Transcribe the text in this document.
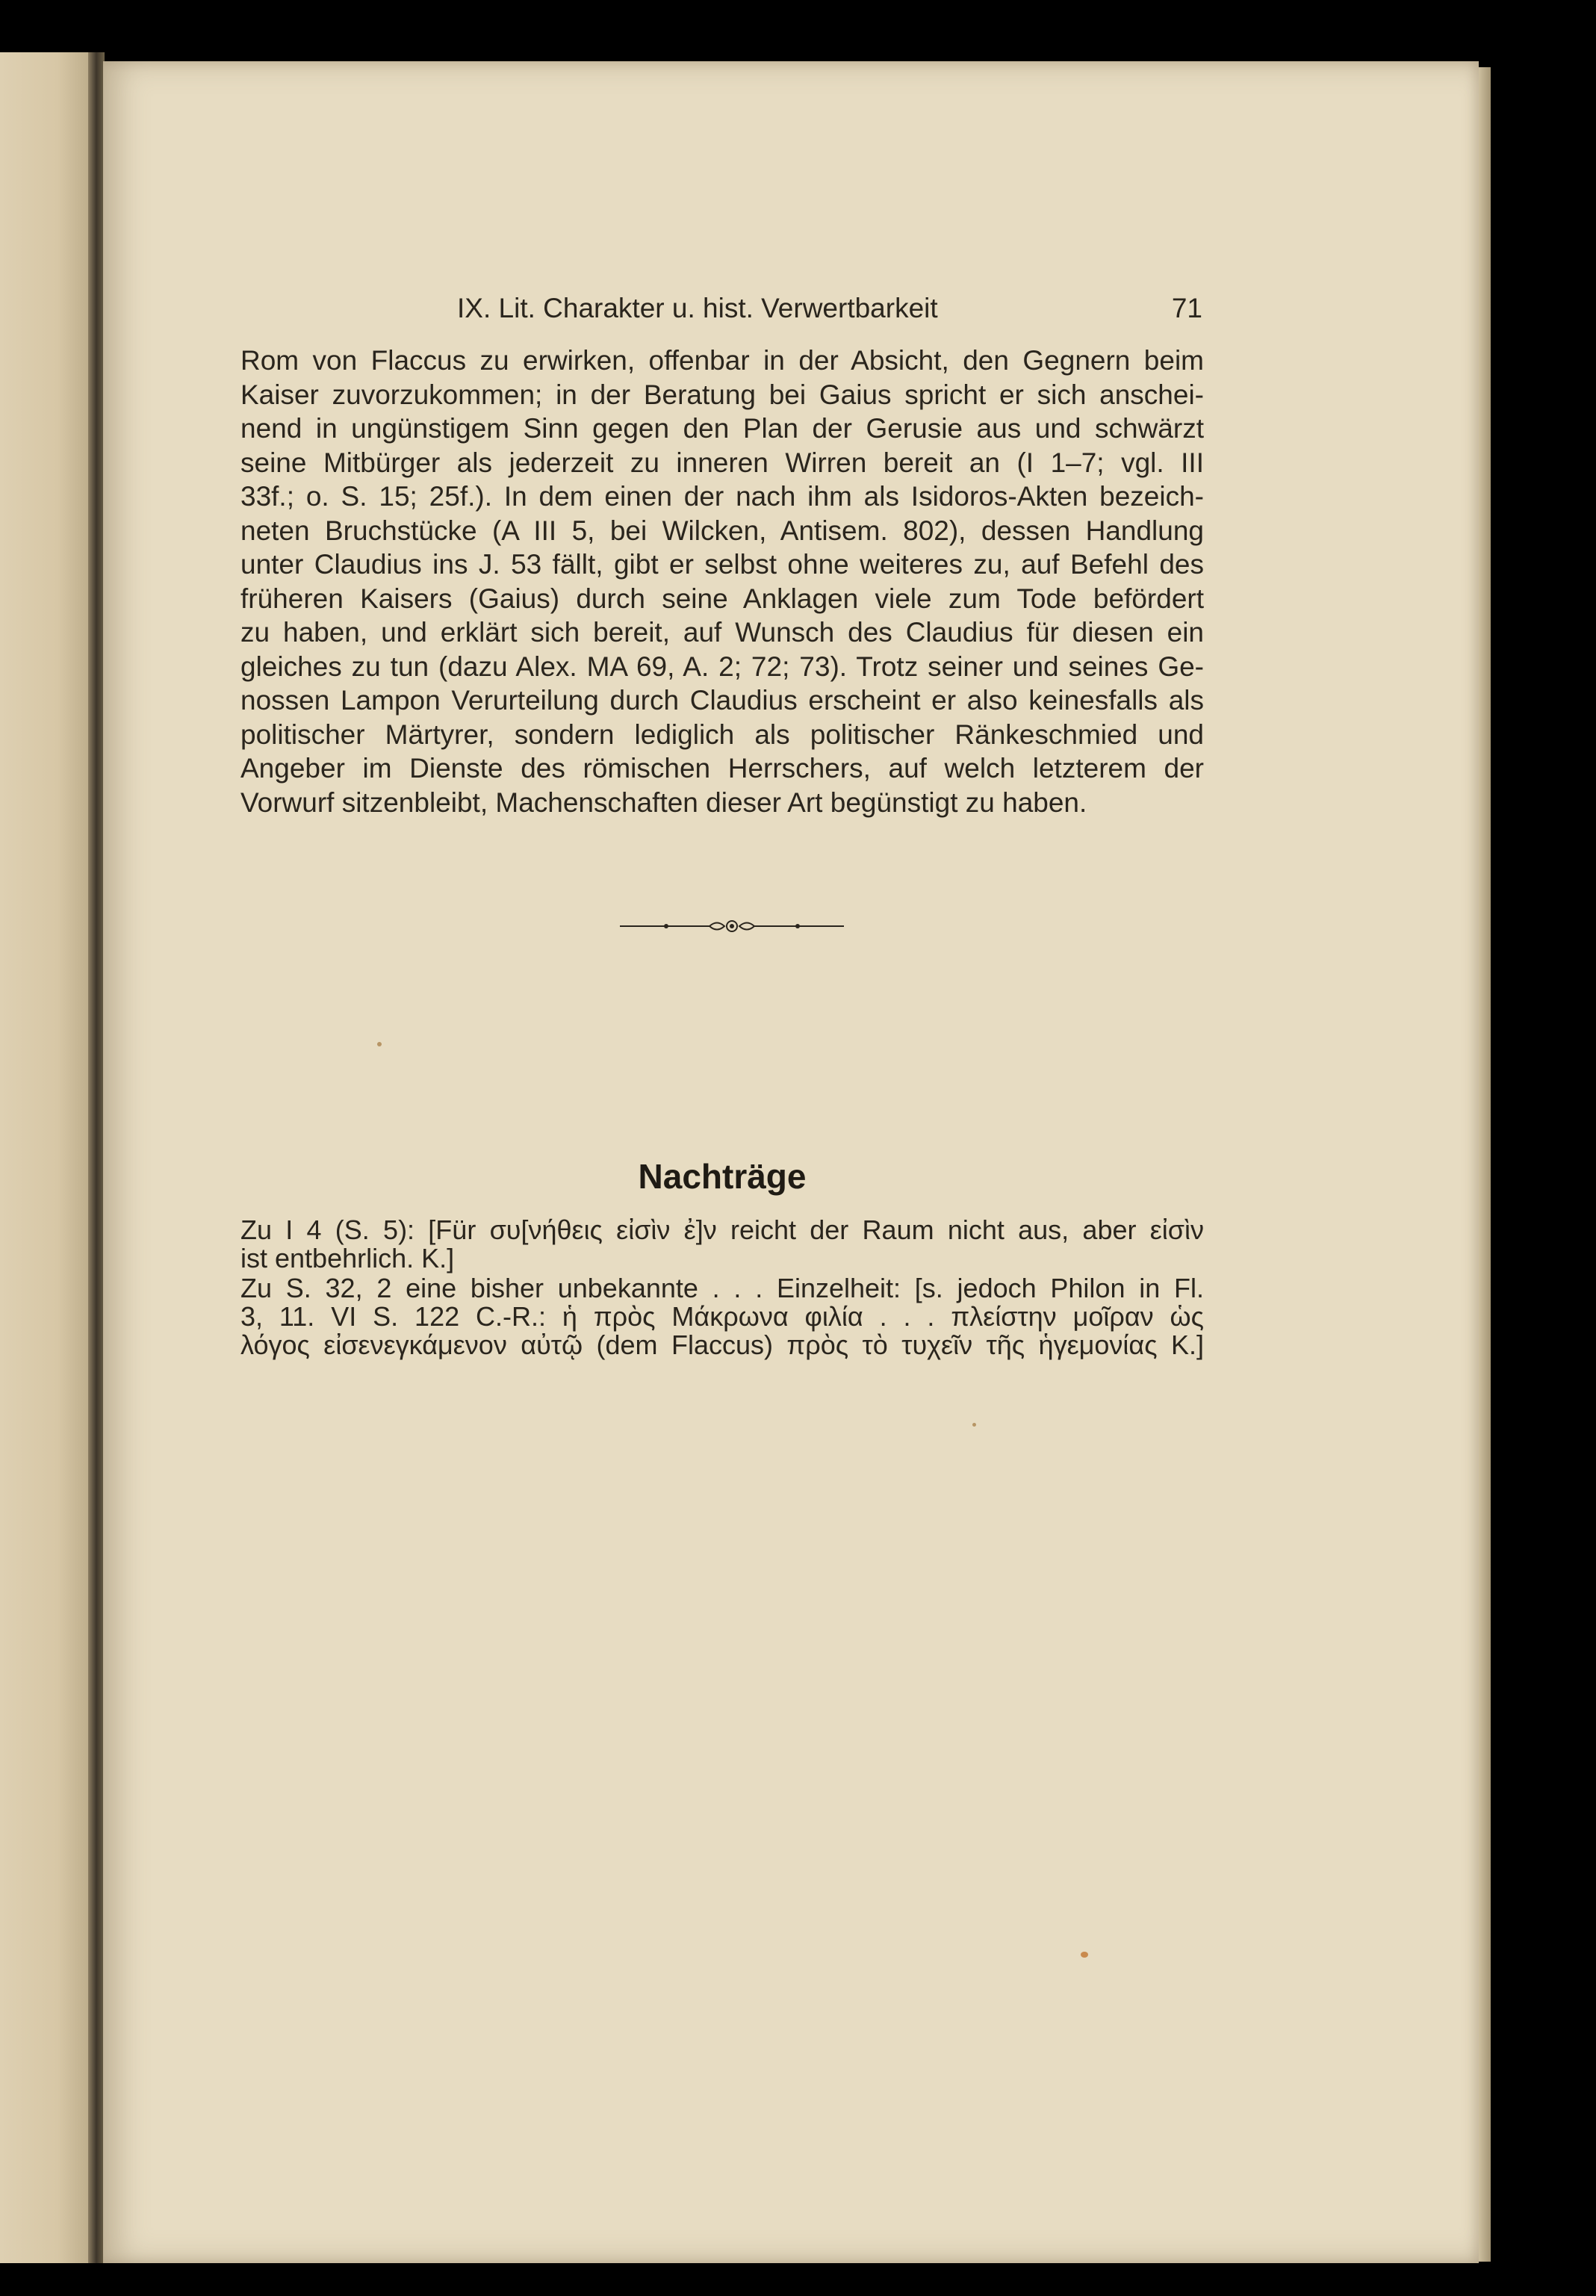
IX. Lit. Charakter u. hist. Verwertbarkeit	71
Rom von Flaccus zu erwirken, offenbar in der Absicht, den Gegnern beim
Kaiser zuvorzukommen; in der Beratung bei Gaius spricht er sich anschei-
nend in ungünstigem Sinn gegen den Plan der Gerusie aus und schwärzt
seine Mitbürger als jederzeit zu inneren Wirren bereit an (I 1–7; vgl. III
33f.; o. S. 15; 25f.). In dem einen der nach ihm als Isidoros-Akten bezeich-
neten Bruchstücke (A III 5, bei Wilcken, Antisem. 802), dessen Handlung
unter Claudius ins J. 53 fällt, gibt er selbst ohne weiteres zu, auf Befehl des
früheren Kaisers (Gaius) durch seine Anklagen viele zum Tode befördert
zu haben, und erklärt sich bereit, auf Wunsch des Claudius für diesen ein
gleiches zu tun (dazu Alex. MA 69, A. 2; 72; 73). Trotz seiner und seines Ge-
nossen Lampon Verurteilung durch Claudius erscheint er also keinesfalls als
politischer Märtyrer, sondern lediglich als politischer Ränkeschmied und
Angeber im Dienste des römischen Herrschers, auf welch letzterem der
Vorwurf sitzenbleibt, Machenschaften dieser Art begünstigt zu haben.
Nachträge
Zu I 4 (S. 5): [Für συ[νήθεις εἰσὶν ἐ]ν reicht der Raum nicht aus, aber εἰσὶν
ist entbehrlich. K.]
Zu S. 32, 2 eine bisher unbekannte . . . Einzelheit: [s. jedoch Philon in Fl.
3, 11. VI S. 122 C.-R.: ἡ πρὸς Μάκρωνα φιλία . . . πλείστην μοῖραν ὡς
λόγος εἰσενεγκάμενον αὐτῷ (dem Flaccus) πρὸς τὸ τυχεῖν τῆς ἡγεμονίας K.]
